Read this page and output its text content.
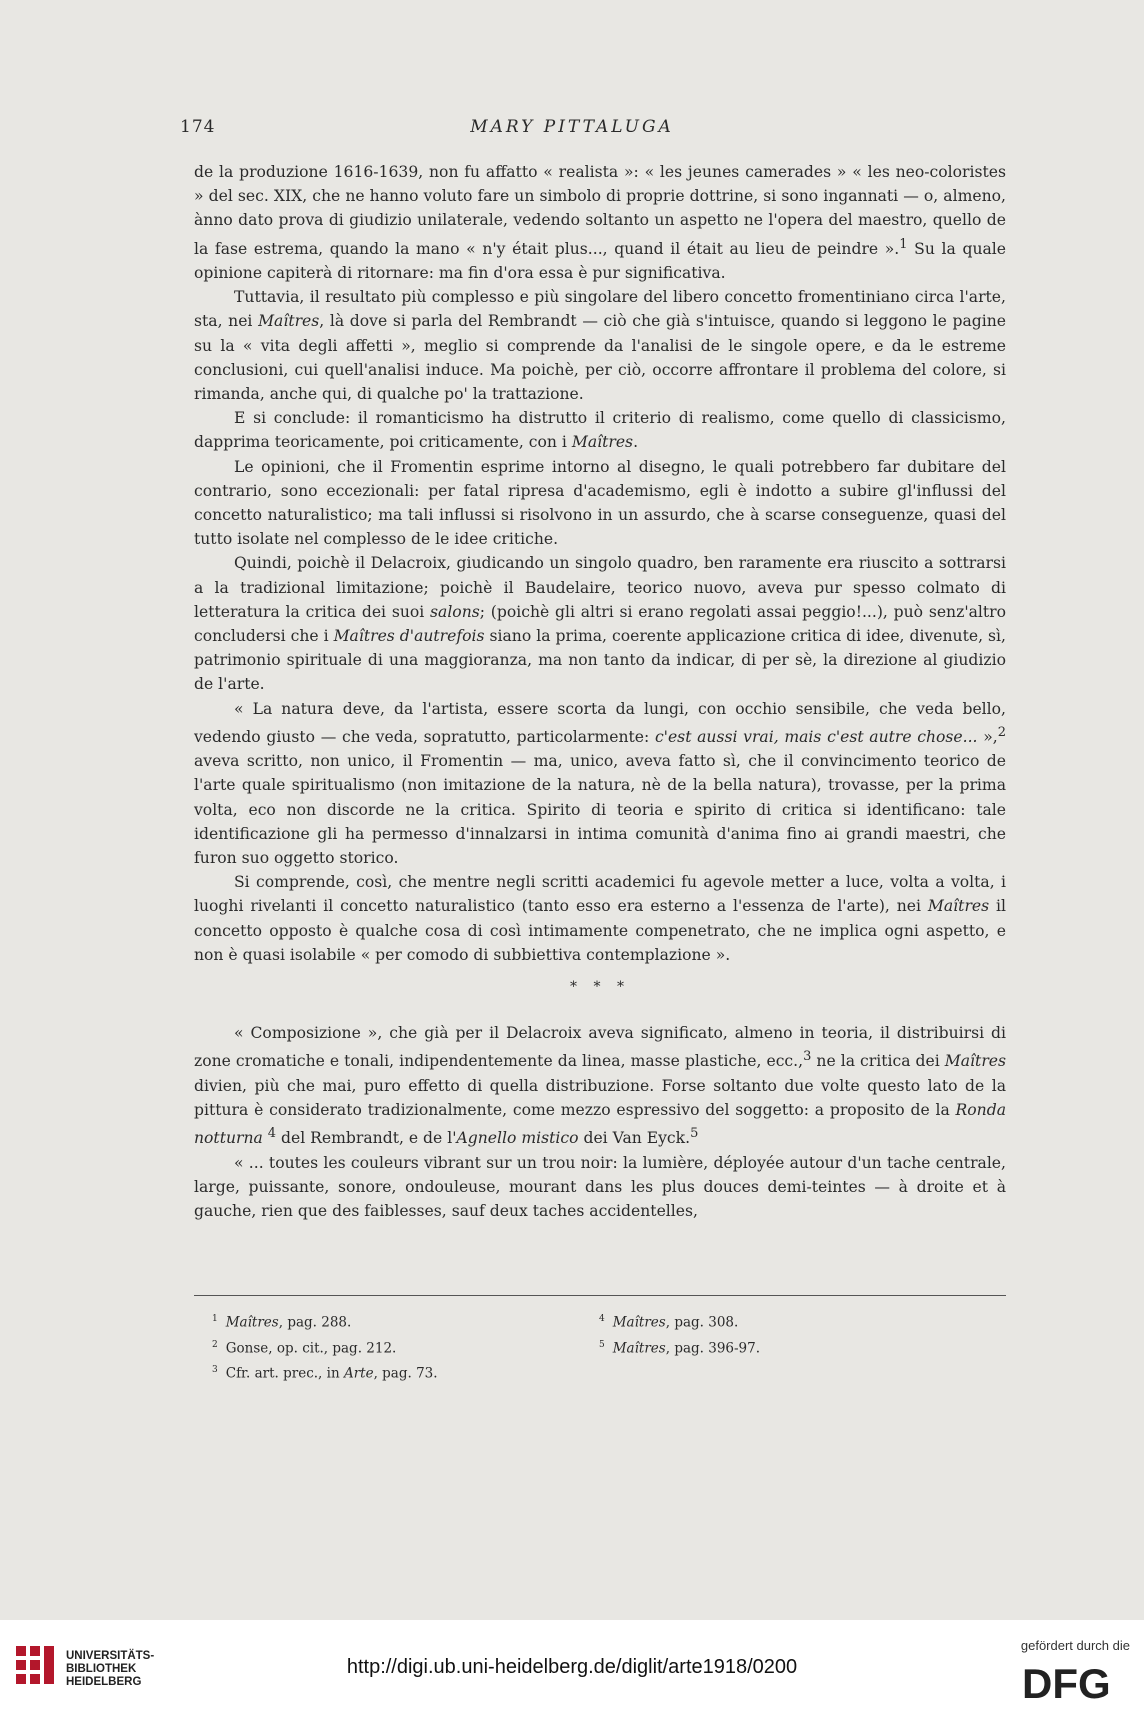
174	MARY PITTALUGA

de la produzione 1616-1639, non fu affatto « realista »: « les jeunes camerades » « les neo-coloristes » del sec. XIX, che ne hanno voluto fare un simbolo di proprie dottrine, si sono ingannati — o, almeno, ànno dato prova di giudizio unilaterale, vedendo soltanto un aspetto ne l'opera del maestro, quello de la fase estrema, quando la mano « n'y était plus..., quand il était au lieu de peindre ».$^1$ Su la quale opinione capiterà di ritornare: ma fin d'ora essa è pur significativa.

Tuttavia, il resultato più complesso e più singolare del libero concetto fromentiniano circa l'arte, sta, nei Maîtres, là dove si parla del Rembrandt — ciò che già s'intuisce, quando si leggono le pagine su la « vita degli affetti », meglio si comprende da l'analisi de le singole opere, e da le estreme conclusioni, cui quell'analisi induce. Ma poichè, per ciò, occorre affrontare il problema del colore, si rimanda, anche qui, di qualche po' la trattazione.

E si conclude: il romanticismo ha distrutto il criterio di realismo, come quello di classicismo, dapprima teoricamente, poi criticamente, con i Maîtres.

Le opinioni, che il Fromentin esprime intorno al disegno, le quali potrebbero far dubitare del contrario, sono eccezionali: per fatal ripresa d'academismo, egli è indotto a subire gl'influssi del concetto naturalistico; ma tali influssi si risolvono in un assurdo, che à scarse conseguenze, quasi del tutto isolate nel complesso de le idee critiche.

Quindi, poichè il Delacroix, giudicando un singolo quadro, ben raramente era riuscito a sottrarsi a la tradizional limitazione; poichè il Baudelaire, teorico nuovo, aveva pur spesso colmato di letteratura la critica dei suoi salons; (poichè gli altri si erano regolati assai peggio!...), può senz'altro concludersi che i Maîtres d'autrefois siano la prima, coerente applicazione critica di idee, divenute, sì, patrimonio spirituale di una maggioranza, ma non tanto da indicar, di per sè, la direzione al giudizio de l'arte.

« La natura deve, da l'artista, essere scorta da lungi, con occhio sensibile, che veda bello, vedendo giusto — che veda, sopratutto, particolarmente: c'est aussi vrai, mais c'est autre chose... »,$^2$ aveva scritto, non unico, il Fromentin — ma, unico, aveva fatto sì, che il convincimento teorico de l'arte quale spiritualismo (non imitazione de la natura, nè de la bella natura), trovasse, per la prima volta, eco non discorde ne la critica. Spirito di teoria e spirito di critica si identificano: tale identificazione gli ha permesso d'innalzarsi in intima comunità d'anima fino ai grandi maestri, che furon suo oggetto storico.

Si comprende, così, che mentre negli scritti academici fu agevole metter a luce, volta a volta, i luoghi rivelanti il concetto naturalistico (tanto esso era esterno a l'essenza de l'arte), nei Maîtres il concetto opposto è qualche cosa di così intimamente compenetrato, che ne implica ogni aspetto, e non è quasi isolabile « per comodo di subbiettiva contemplazione ».

* * *

« Composizione », che già per il Delacroix aveva significato, almeno in teoria, il distribuirsi di zone cromatiche e tonali, indipendentemente da linea, masse plastiche, ecc.,$^3$ ne la critica dei Maîtres divien, più che mai, puro effetto di quella distribuzione. Forse soltanto due volte questo lato de la pittura è considerato tradizionalmente, come mezzo espressivo del soggetto: a proposito de la Ronda notturna $^4$ del Rembrandt, e de l'Agnello mistico dei Van Eyck.$^5$

« ... toutes les couleurs vibrant sur un trou noir: la lumière, déployée autour d'un tache centrale, large, puissante, sonore, ondouleuse, mourant dans les plus douces demi-teintes — à droite et à gauche, rien que des faiblesses, sauf deux taches accidentelles,

$^1$ Maîtres, pag. 288.
$^2$ Gonse, op. cit., pag. 212.
$^3$ Cfr. art. prec., in Arte, pag. 73.
$^4$ Maîtres, pag. 308.
$^5$ Maîtres, pag. 396-97.
UNIVERSITÄTS-
BIBLIOTHEK
HEIDELBERG
http://digi.ub.uni-heidelberg.de/diglit/arte1918/0200
gefördert durch die
DFG
